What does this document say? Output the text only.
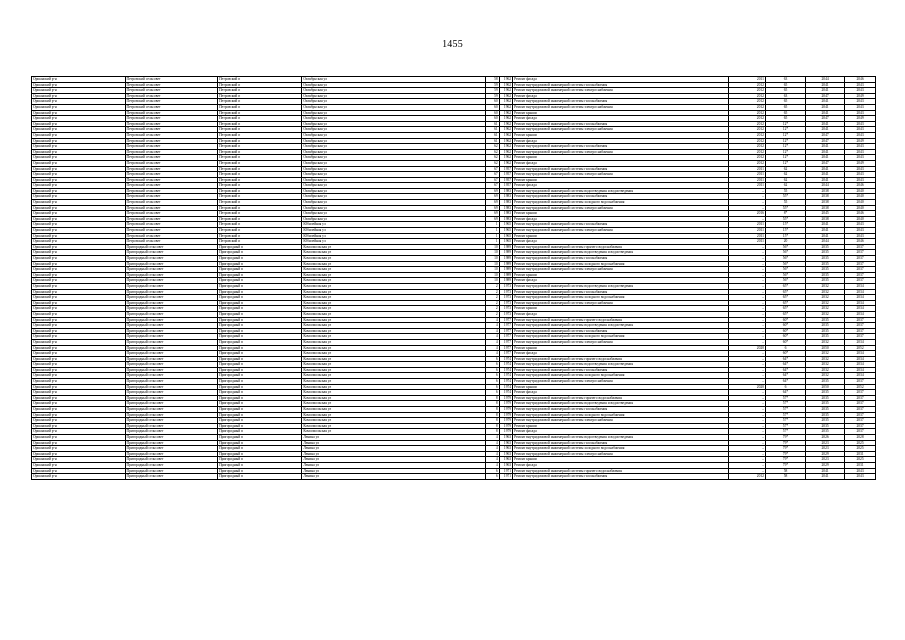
1455
Оршанский р-н	Петровский сельсовет	Петровский п	Октябрьская ул	58	1962	Ремонт фасада	2011	63	2044	2046
Оршанский р-н	Петровский сельсовет	Петровский п	Октябрьская ул	59	1962	Ремонт внутридомовой инженерной системы газоснабжения	2012	65	2041	2043
Оршанский р-н	Петровский сельсовет	Петровский п	Октябрьская ул	59	1962	Ремонт внутридомовой инженерной системы электроснабжения	2012	65	2041	2043
Оршанский р-н	Петровский сельсовет	Петровский п	Октябрьская ул	59	1962	Ремонт фасада	2012	63	2047	2049
Оршанский р-н	Петровский сельсовет	Петровский п	Октябрьская ул	60	1962	Ремонт внутридомовой инженерной системы газоснабжения	2012	65	2041	2043
Оршанский р-н	Петровский сельсовет	Петровский п	Октябрьская ул	60	1962	Ремонт внутридомовой инженерной системы электроснабжения	2012	65	2041	2043
Оршанский р-н	Петровский сельсовет	Петровский п	Октябрьская ул	60	1962	Ремонт крыши	2012	65	2041	2043
Оршанский р-н	Петровский сельсовет	Петровский п	Октябрьская ул	60	1962	Ремонт фасада	2012	65	2047	2049
Оршанский р-н	Петровский сельсовет	Петровский п	Октябрьская ул	61	1962	Ремонт внутридомовой инженерной системы газоснабжения	2012	12*	2041	2043
Оршанский р-н	Петровский сельсовет	Петровский п	Октябрьская ул	61	1962	Ремонт внутридомовой инженерной системы электроснабжения	2012	12*	2041	2043
Оршанский р-н	Петровский сельсовет	Петровский п	Октябрьская ул	61	1962	Ремонт крыши	2012	12*	2047	2043
Оршанский р-н	Петровский сельсовет	Петровский п	Октябрьская ул	61	1962	Ремонт фасада	2012	12*	2047	2049
Оршанский р-н	Петровский сельсовет	Петровский п	Октябрьская ул	62	1962	Ремонт внутридомовой инженерной системы газоснабжения	2012	12*	2041	2043
Оршанский р-н	Петровский сельсовет	Петровский п	Октябрьская ул	62	1962	Ремонт внутридомовой инженерной системы электроснабжения	2012	12*	2041	2043
Оршанский р-н	Петровский сельсовет	Петровский п	Октябрьская ул	62	1962	Ремонт крыши	2012	12*	2041	2043
Оршанский р-н	Петровский сельсовет	Петровский п	Октябрьская ул	62	1962	Ремонт фасада	2012	12*	2047	2049
Оршанский р-н	Петровский сельсовет	Петровский п	Октябрьская ул	67	1957	Ремонт внутридомовой инженерной системы газоснабжения	2011	62	2041	2043
Оршанский р-н	Петровский сельсовет	Петровский п	Октябрьская ул	67	1957	Ремонт внутридомовой инженерной системы электроснабжения	2011	62	2041	2043
Оршанский р-н	Петровский сельсовет	Петровский п	Октябрьская ул	67	1957	Ремонт крыши	2011	62	2041	2043
Оршанский р-н	Петровский сельсовет	Петровский п	Октябрьская ул	67	1957	Ремонт фасада	2011	62	2044	2046
Оршанский р-н	Петровский сельсовет	Петровский п	Октябрьская ул	69	1983	Ремонт внутридомовой инженерной системы водоотведения и водоотведения	–	55	2038	2040
Оршанский р-н	Петровский сельсовет	Петровский п	Октябрьская ул	69	1983	Ремонт внутридомовой инженерной системы газоснабжения	–	55*	2038	2040
Оршанский р-н	Петровский сельсовет	Петровский п	Октябрьская ул	69	1983	Ремонт внутридомовой инженерной системы холодного водоснабжения	–	55	2038	2040
Оршанский р-н	Петровский сельсовет	Петровский п	Октябрьская ул	69	1983	Ремонт внутридомовой инженерной системы электроснабжения	–	55*	2038	2040
Оршанский р-н	Петровский сельсовет	Петровский п	Октябрьская ул	69	1983	Ремонт крыши	2016	8*	2045	2046
Оршанский р-н	Петровский сельсовет	Петровский п	Октябрьская ул	69	1983	Ремонт фасада	–	55*	2038	2040
Оршанский р-н	Петровский сельсовет	Петровский п	Юбилейная ул	1	1965	Ремонт внутридомовой инженерной системы газоснабжения	2011	15*	2041	2043
Оршанский р-н	Петровский сельсовет	Петровский п	Юбилейная ул	1	1965	Ремонт внутридомовой инженерной системы электроснабжения	2011	15*	2041	2043
Оршанский р-н	Петровский сельсовет	Петровский п	Юбилейная ул	1	1965	Ремонт крыши	2011	15*	2041	2043
Оршанский р-н	Петровский сельсовет	Петровский п	Юбилейная ул	1	1965	Ремонт фасада	2011	20	2044	2046
Оршанский р-н	Пригородный сельсовет	Пригородный п	Комсомольская ул	10	1989	Ремонт внутридомовой инженерной системы горячего водоснабжения	–	56*	2035	2037
Оршанский р-н	Пригородный сельсовет	Пригородный п	Комсомольская ул	10	1989	Ремонт внутридомовой инженерной системы водоотведения и водоотведения	–	56*	2035	2037
Оршанский р-н	Пригородный сельсовет	Пригородный п	Комсомольская ул	10	1989	Ремонт внутридомовой инженерной системы газоснабжения	–	56*	2035	2037
Оршанский р-н	Пригородный сельсовет	Пригородный п	Комсомольская ул	10	1989	Ремонт внутридомовой инженерной системы холодного водоснабжения	–	56*	2035	2037
Оршанский р-н	Пригородный сельсовет	Пригородный п	Комсомольская ул	10	1989	Ремонт внутридомовой инженерной системы электроснабжения	–	56*	2035	2037
Оршанский р-н	Пригородный сельсовет	Пригородный п	Комсомольская ул	10	1989	Ремонт крыши	–	56*	2035	2037
Оршанский р-н	Пригородный сельсовет	Пригородный п	Комсомольская ул	10	1989	Ремонт фасада	–	56*	2035	2037
Оршанский р-н	Пригородный сельсовет	Пригородный п	Комсомольская ул	2	1973	Ремонт внутридомовой инженерной системы водоотведения и водоотведения	–	65*	2032	2034
Оршанский р-н	Пригородный сельсовет	Пригородный п	Комсомольская ул	2	1973	Ремонт внутридомовой инженерной системы газоснабжения	–	65*	2032	2034
Оршанский р-н	Пригородный сельсовет	Пригородный п	Комсомольская ул	2	1973	Ремонт внутридомовой инженерной системы холодного водоснабжения	–	65*	2032	2034
Оршанский р-н	Пригородный сельсовет	Пригородный п	Комсомольская ул	2	1973	Ремонт внутридомовой инженерной системы электроснабжения	–	65*	2032	2034
Оршанский р-н	Пригородный сельсовет	Пригородный п	Комсомольская ул	2	1973	Ремонт крыши	–	65*	2032	2034
Оршанский р-н	Пригородный сельсовет	Пригородный п	Комсомольская ул	2	1973	Ремонт фасада	–	65*	2032	2034
Оршанский р-н	Пригородный сельсовет	Пригородный п	Комсомольская ул	4	1977	Ремонт внутридомовой инженерной системы горячего водоснабжения	–	60*	2035	2037
Оршанский р-н	Пригородный сельсовет	Пригородный п	Комсомольская ул	4	1977	Ремонт внутридомовой инженерной системы водоотведения и водоотведения	–	60*	2035	2037
Оршанский р-н	Пригородный сельсовет	Пригородный п	Комсомольская ул	4	1977	Ремонт внутридомовой инженерной системы газоснабжения	–	60*	2035	2037
Оршанский р-н	Пригородный сельсовет	Пригородный п	Комсомольская ул	4	1977	Ремонт внутридомовой инженерной системы холодного водоснабжения	–	60*	2035	2037
Оршанский р-н	Пригородный сельсовет	Пригородный п	Комсомольская ул	4	1977	Ремонт внутридомовой инженерной системы электроснабжения	–	60*	2032	2034
Оршанский р-н	Пригородный сельсовет	Пригородный п	Комсомольская ул	4	1977	Ремонт крыши	2020	6	2050	2052
Оршанский р-н	Пригородный сельсовет	Пригородный п	Комсомольская ул	4	1977	Ремонт фасада	–	60*	2032	2034
Оршанский р-н	Пригородный сельсовет	Пригородный п	Комсомольская ул	6	1974	Ремонт внутридомовой инженерной системы горячего водоснабжения	–	64*	2032	2034
Оршанский р-н	Пригородный сельсовет	Пригородный п	Комсомольская ул	6	1974	Ремонт внутридомовой инженерной системы водоотведения и водоотведения	–	64*	2032	2034
Оршанский р-н	Пригородный сельсовет	Пригородный п	Комсомольская ул	6	1974	Ремонт внутридомовой инженерной системы газоснабжения	–	64*	2032	2034
Оршанский р-н	Пригородный сельсовет	Пригородный п	Комсомольская ул	6	1974	Ремонт внутридомовой инженерной системы холодного водоснабжения	–	64*	2032	2034
Оршанский р-н	Пригородный сельсовет	Пригородный п	Комсомольская ул	6	1974	Ремонт внутридомовой инженерной системы электроснабжения	–	64*	2035	2037
Оршанский р-н	Пригородный сельсовет	Пригородный п	Комсомольская ул	6	1974	Ремонт крыши	2020	6	2050	2052
Оршанский р-н	Пригородный сельсовет	Пригородный п	Комсомольская ул	6	1974	Ремонт фасада	–	64*	2035	2037
Оршанский р-н	Пригородный сельсовет	Пригородный п	Комсомольская ул	8	1979	Ремонт внутридомовой инженерной системы горячего водоснабжения	–	57*	2035	2037
Оршанский р-н	Пригородный сельсовет	Пригородный п	Комсомольская ул	8	1979	Ремонт внутридомовой инженерной системы водоотведения и водоотведения	–	57*	2035	2037
Оршанский р-н	Пригородный сельсовет	Пригородный п	Комсомольская ул	8	1979	Ремонт внутридомовой инженерной системы газоснабжения	–	57*	2035	2037
Оршанский р-н	Пригородный сельсовет	Пригородный п	Комсомольская ул	8	1979	Ремонт внутридомовой инженерной системы холодного водоснабжения	–	57*	2035	2037
Оршанский р-н	Пригородный сельсовет	Пригородный п	Комсомольская ул	8	1979	Ремонт внутридомовой инженерной системы электроснабжения	–	57*	2035	2037
Оршанский р-н	Пригородный сельсовет	Пригородный п	Комсомольская ул	8	1979	Ремонт крыши	–	57*	2035	2037
Оршанский р-н	Пригородный сельсовет	Пригородный п	Комсомольская ул	8	1979	Ремонт фасада	–	57*	2035	2037
Оршанский р-н	Пригородный сельсовет	Пригородный п	Ленина ул	4	1963	Ремонт внутридомовой инженерной системы водоотведения и водоотведения	–	79*	2026	2028
Оршанский р-н	Пригородный сельсовет	Пригородный п	Ленина ул	4	1963	Ремонт внутридомовой инженерной системы газоснабжения	–	79*	2023	2025
Оршанский р-н	Пригородный сельсовет	Пригородный п	Ленина ул	4	1963	Ремонт внутридомовой инженерной системы холодного водоснабжения	–	79*	2023	2025
Оршанский р-н	Пригородный сельсовет	Пригородный п	Ленина ул	4	1963	Ремонт внутридомовой инженерной системы электроснабжения	–	79*	2029	2031
Оршанский р-н	Пригородный сельсовет	Пригородный п	Ленина ул	4	1963	Ремонт крыши	–	79*	2023	2025
Оршанский р-н	Пригородный сельсовет	Пригородный п	Ленина ул	4	1963	Ремонт фасада	–	79*	2029	2031
Оршанский р-н	Пригородный сельсовет	Пригородный п	Ленина ул	6	1971	Ремонт внутридомовой инженерной системы горячего водоснабжения	–	58	2041	2043
Оршанский р-н	Пригородный сельсовет	Пригородный п	Ленина ул	6	1971	Ремонт внутридомовой инженерной системы газоснабжения	2012	58	2041	2043
